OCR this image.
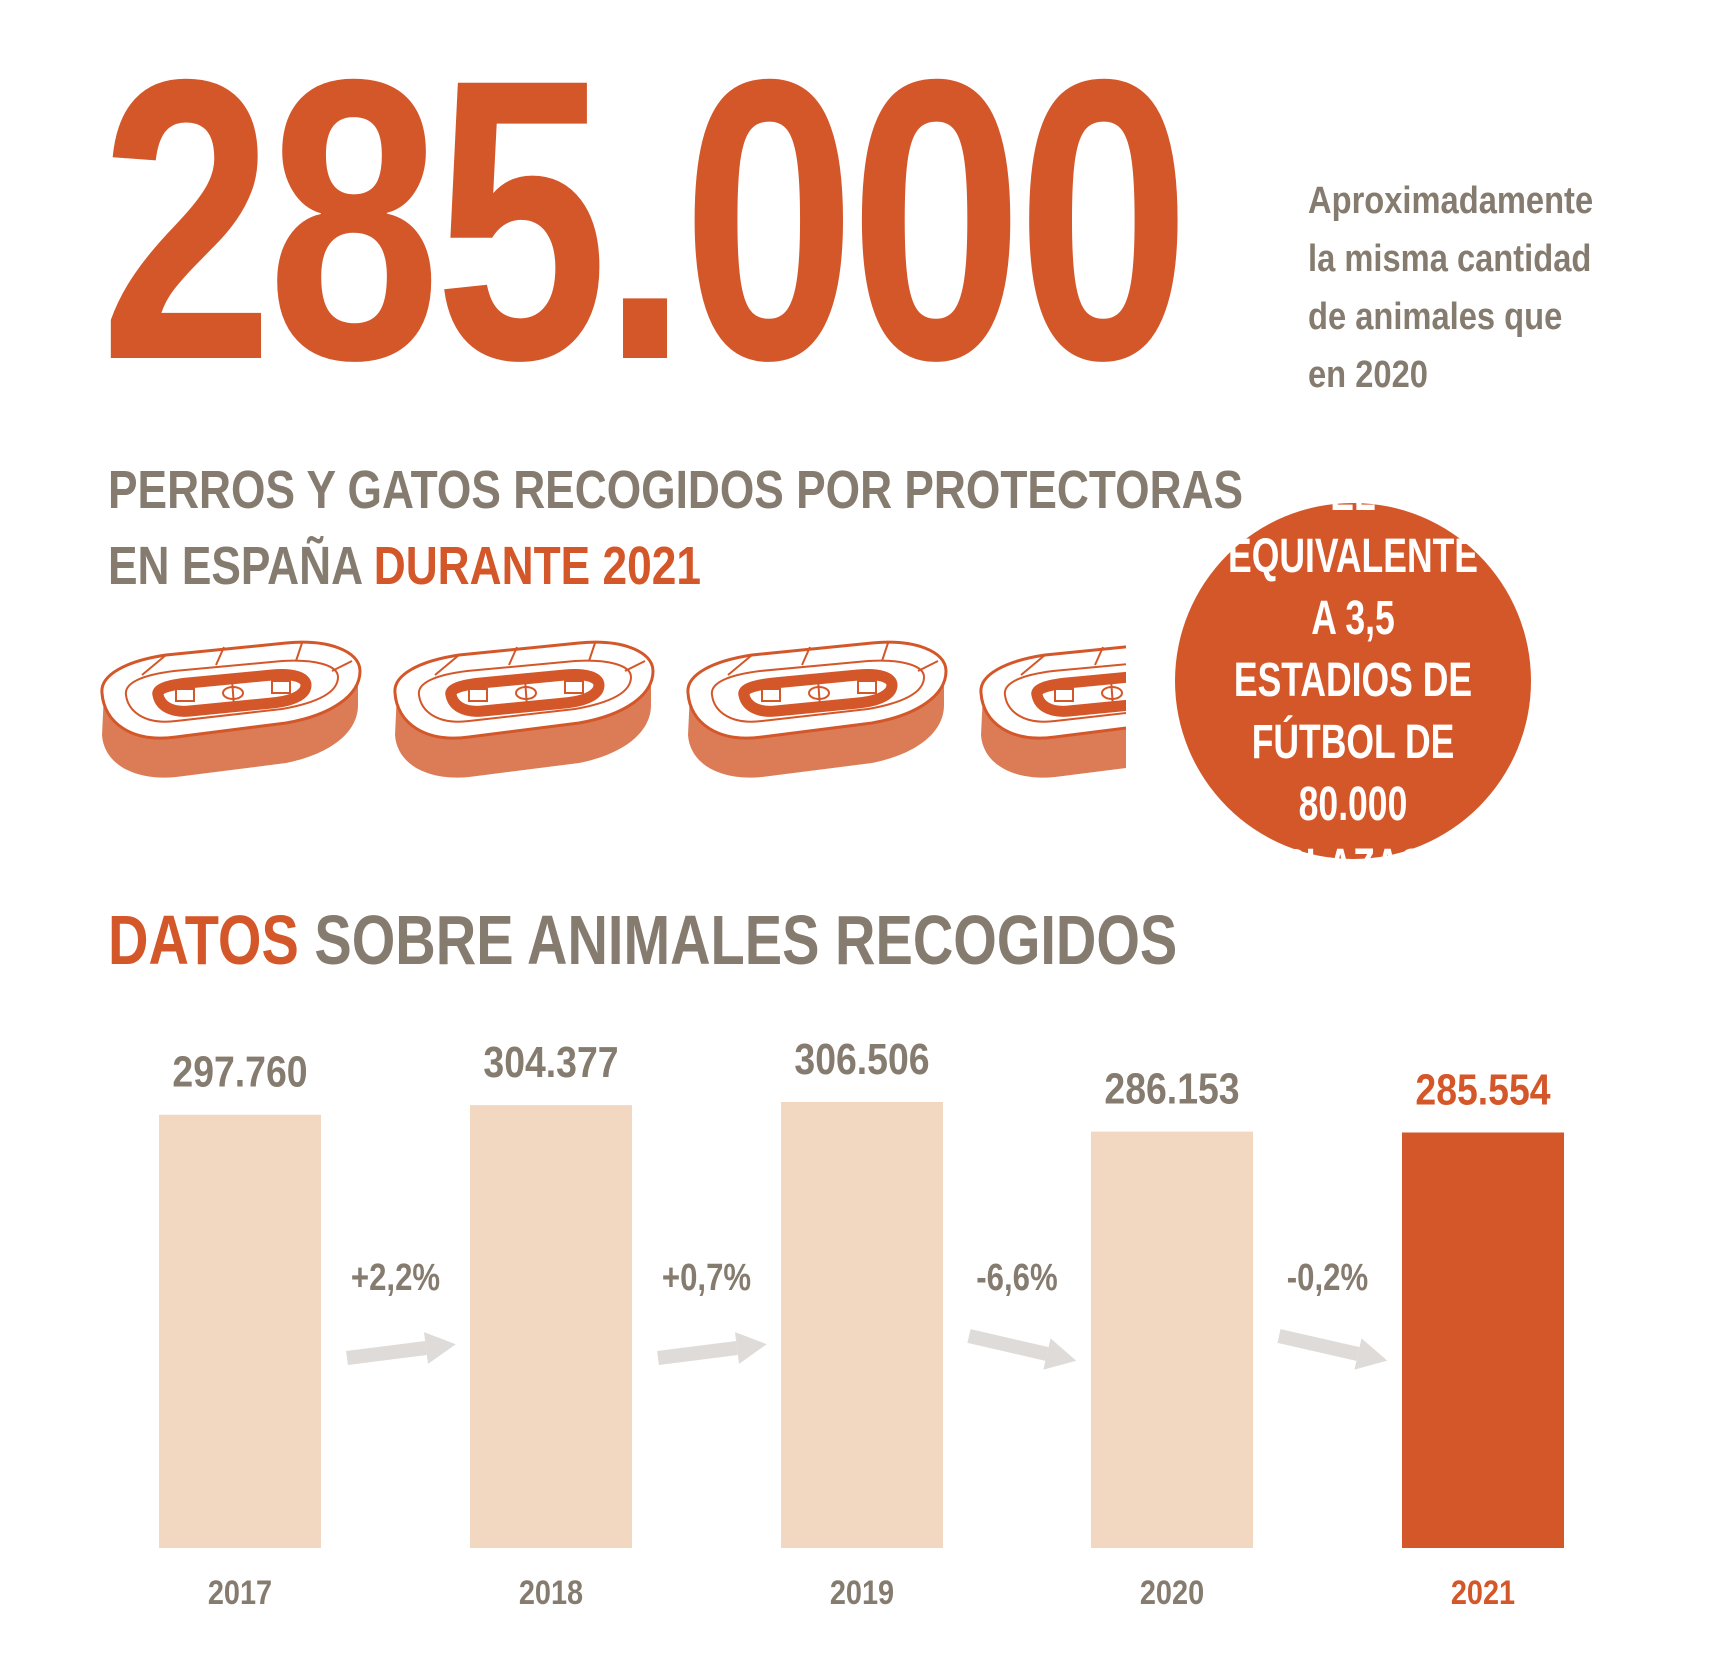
285.000	Aproximadamente
la misma cantidad
de animales que
en 2020
PERROS Y GATOS RECOGIDOS POR PROTECTORAS
EN ESPAÑA DURANTE 2021
EL EQUIVALENTE
A 3,5 ESTADIOS DE
FÚTBOL DE 80.000
PLAZAS
DATOS SOBRE ANIMALES RECOGIDOS
297.760
2017
304.377
2018
306.506
2019
286.153
2020
285.554
2021
+2,2%	+0,7%	-6,6%	-0,2%
